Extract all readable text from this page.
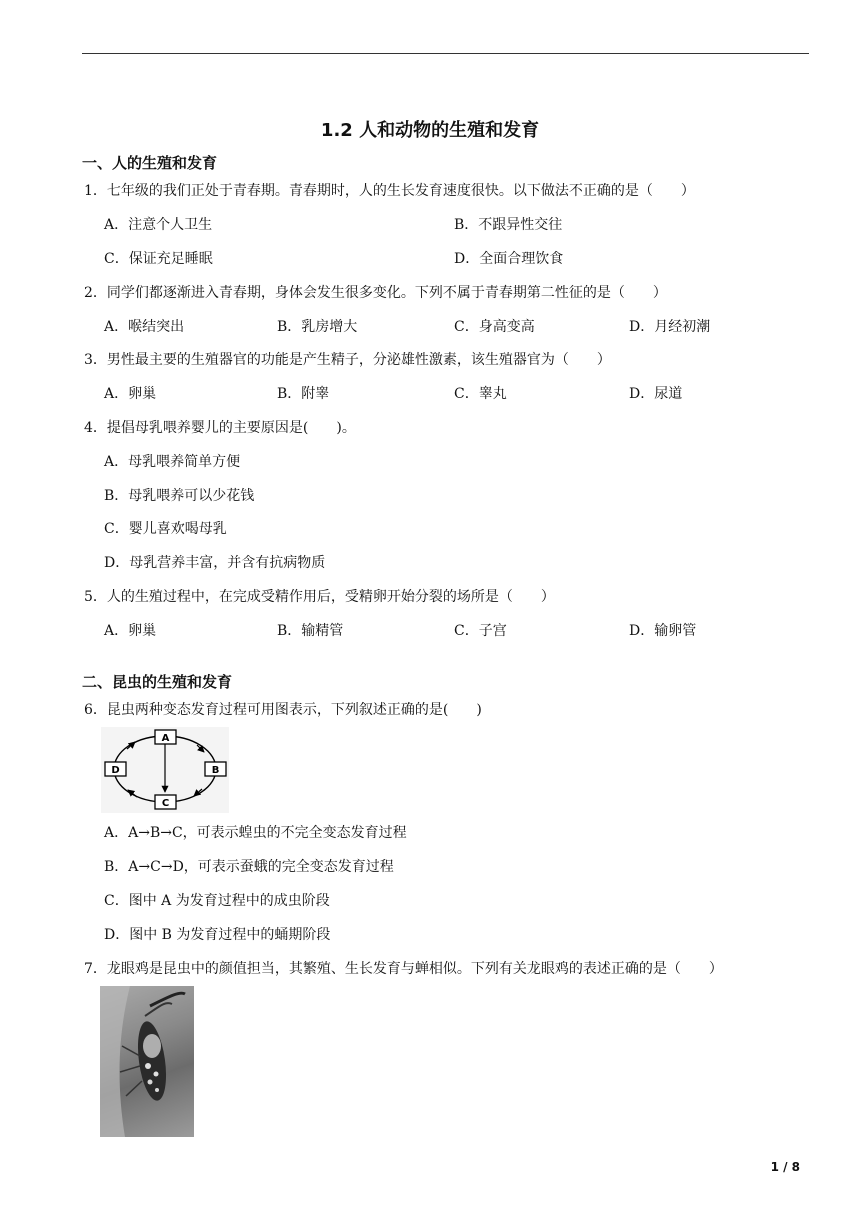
1.2 人和动物的生殖和发育
一、人的生殖和发育
1．七年级的我们正处于青春期。青春期时，人的生长发育速度很快。以下做法不正确的是（　　）
A．注意个人卫生	B．不跟异性交往
C．保证充足睡眠	D．全面合理饮食
2．同学们都逐渐进入青春期，身体会发生很多变化。下列不属于青春期第二性征的是（　　）
A．喉结突出	B．乳房增大	C．身高变高	D．月经初潮
3．男性最主要的生殖器官的功能是产生精子，分泌雄性激素，该生殖器官为（　　）
A．卵巢	B．附睾	C．睾丸	D．尿道
4．提倡母乳喂养婴儿的主要原因是(　　)。
A．母乳喂养简单方便
B．母乳喂养可以少花钱
C．婴儿喜欢喝母乳
D．母乳营养丰富，并含有抗病物质
5．人的生殖过程中，在完成受精作用后，受精卵开始分裂的场所是（　　）
A．卵巢	B．输精管	C．子宫	D．输卵管
二、昆虫的生殖和发育
6．昆虫两种变态发育过程可用图表示，下列叙述正确的是(　　)
A
B
C
D
A．A→B→C，可表示蝗虫的不完全变态发育过程
B．A→C→D，可表示蚕蛾的完全变态发育过程
C．图中 A 为发育过程中的成虫阶段
D．图中 B 为发育过程中的蛹期阶段
7．龙眼鸡是昆虫中的颜值担当，其繁殖、生长发育与蝉相似。下列有关龙眼鸡的表述正确的是（　　）
1 / 8
